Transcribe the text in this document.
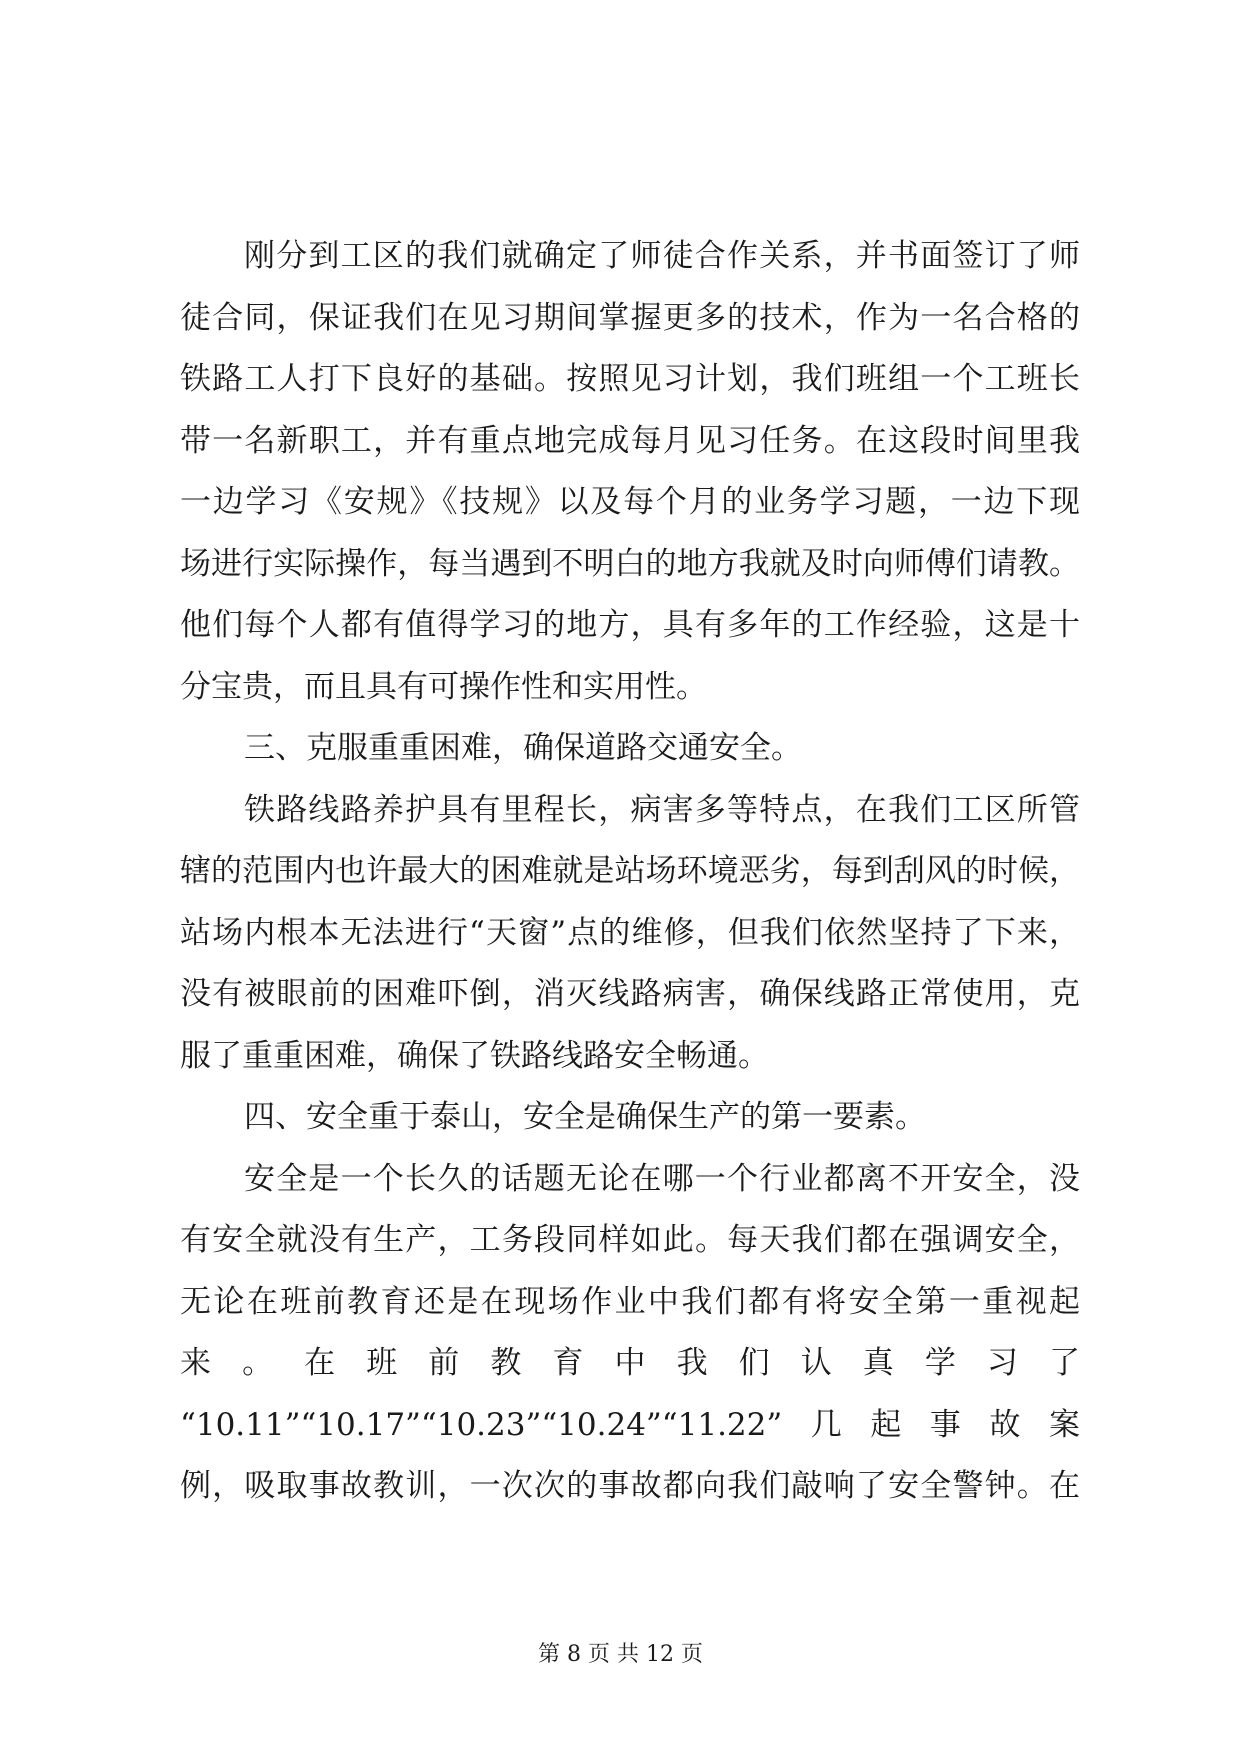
刚分到工区的我们就确定了师徒合作关系，并书面签订了师
徒合同，保证我们在见习期间掌握更多的技术，作为一名合格的
铁路工人打下良好的基础。按照见习计划，我们班组一个工班长
带一名新职工，并有重点地完成每月见习任务。在这段时间里我
一边学习《安规》《技规》以及每个月的业务学习题，一边下现
场进行实际操作，每当遇到不明白的地方我就及时向师傅们请教。
他们每个人都有值得学习的地方，具有多年的工作经验，这是十
分宝贵，而且具有可操作性和实用性。
三、克服重重困难，确保道路交通安全。
铁路线路养护具有里程长，病害多等特点，在我们工区所管
辖的范围内也许最大的困难就是站场环境恶劣，每到刮风的时候，
站场内根本无法进行“天窗”点的维修，但我们依然坚持了下来，
没有被眼前的困难吓倒，消灭线路病害，确保线路正常使用，克
服了重重困难，确保了铁路线路安全畅通。
四、安全重于泰山，安全是确保生产的第一要素。
安全是一个长久的话题无论在哪一个行业都离不开安全，没
有安全就没有生产，工务段同样如此。每天我们都在强调安全，
无论在班前教育还是在现场作业中我们都有将安全第一重视起
来 。 在 班 前 教 育 中 我 们 认 真 学 习 了
“10.11”“10.17”“10.23”“10.24”“11.22”几起事故案
例，吸取事故教训，一次次的事故都向我们敲响了安全警钟。在
第 8 页 共 12 页
